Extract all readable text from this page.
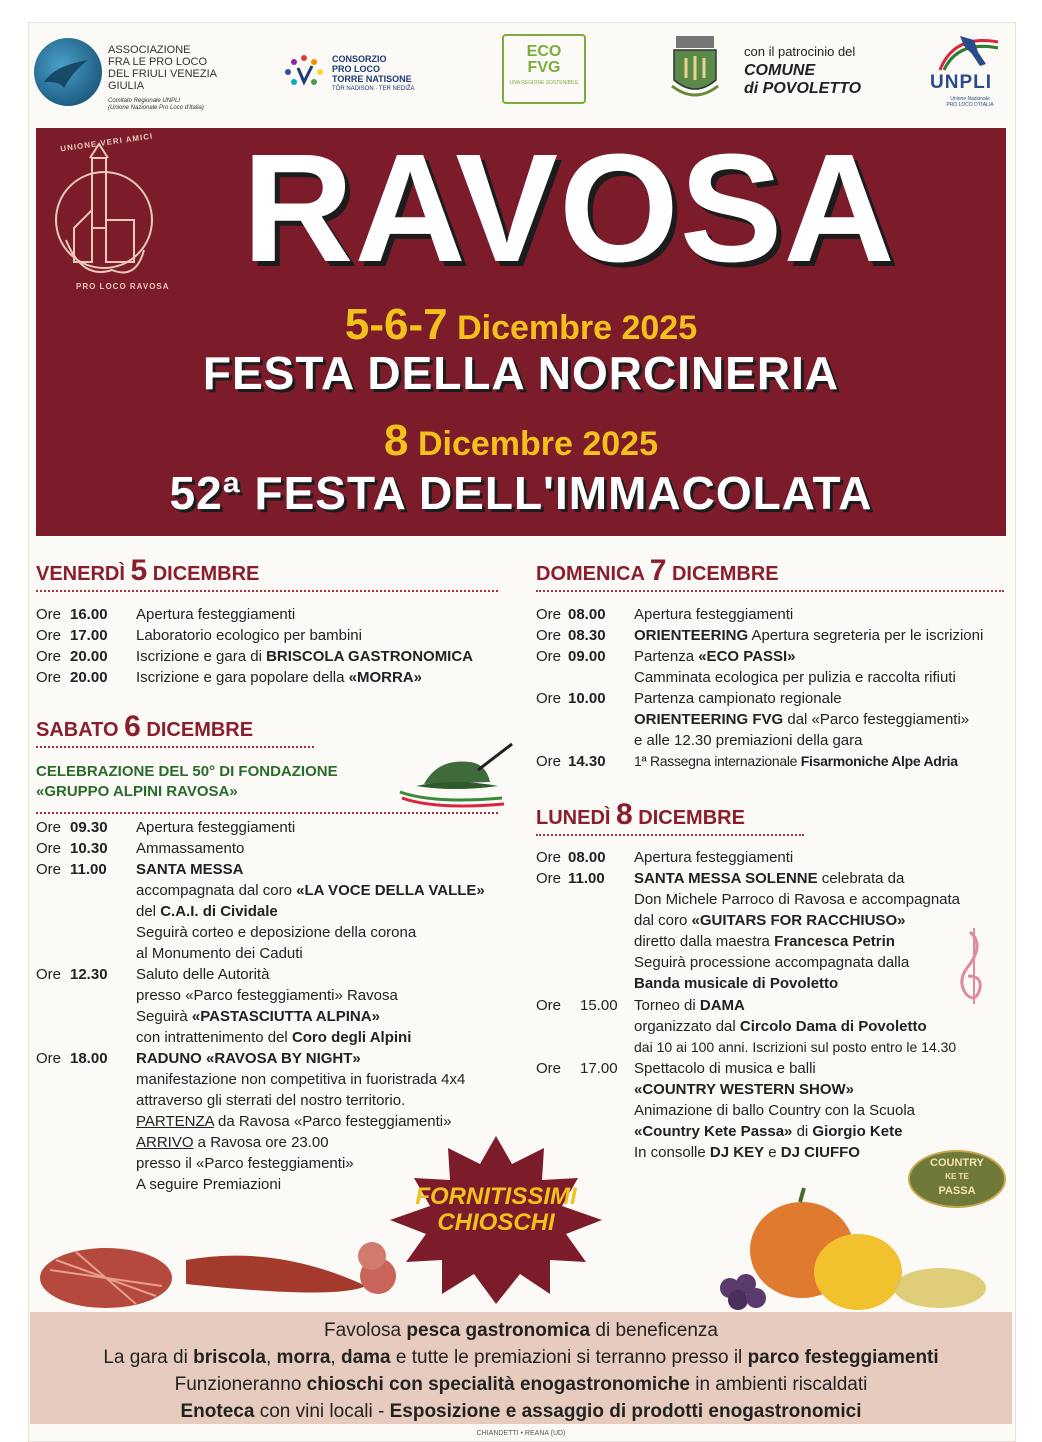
ASSOCIAZIONE
FRA LE PRO LOCO
DEL FRIULI VENEZIA
GIULIA
Comitato Regionale UNPLI
(Unione Nazionale Pro Loco d'Italia)
CONSORZIO
PRO LOCO
TORRE NATISONE
TÔR NADISON · TER NEDIŽA
ECO
FVG
UNA REGIONE SOSTENIBILE
con il patrocinio del
COMUNE
di POVOLETTO	UNPLI
Unione Nazionale
PRO LOCO D'ITALIA
UNIONE VERI AMICI
PRO LOCO RAVOSA RAVOSA
5-6-7 Dicembre 2025
FESTA DELLA NORCINERIA
8 Dicembre 2025
52ª FESTA DELL'IMMACOLATA
VENERDÌ 5 DICEMBRE
Ore 16.00 Apertura festeggiamenti
Ore 17.00 Laboratorio ecologico per bambini
Ore 20.00 Iscrizione e gara di BRISCOLA GASTRONOMICA
Ore 20.00 Iscrizione e gara popolare della «MORRA»
SABATO 6 DICEMBRE
CELEBRAZIONE DEL 50° DI FONDAZIONE
«GRUPPO ALPINI RAVOSA»
Ore 09.30 Apertura festeggiamenti
Ore 10.30 Ammassamento
Ore 11.00 SANTA MESSA
accompagnata dal coro «LA VOCE DELLA VALLE»
del C.A.I. di Cividale
Seguirà corteo e deposizione della corona
al Monumento dei Caduti
Ore 12.30 Saluto delle Autorità
presso «Parco festeggiamenti» Ravosa
Seguirà «PASTASCIUTTA ALPINA»
con intrattenimento del Coro degli Alpini
Ore 18.00 RADUNO «RAVOSA BY NIGHT»
manifestazione non competitiva in fuoristrada 4x4
attraverso gli sterrati del nostro territorio.
PARTENZA da Ravosa «Parco festeggiamenti»
ARRIVO a Ravosa ore 23.00
presso il «Parco festeggiamenti»
A seguire Premiazioni
DOMENICA 7 DICEMBRE
Ore 08.00 Apertura festeggiamenti
Ore 08.30 ORIENTEERING Apertura segreteria per le iscrizioni
Ore 09.00 Partenza «ECO PASSI»
Camminata ecologica per pulizia e raccolta rifiuti
Ore 10.00 Partenza campionato regionale
ORIENTEERING FVG dal «Parco festeggiamenti»
e alle 12.30 premiazioni della gara
Ore 14.30 1ª Rassegna internazionale Fisarmoniche Alpe Adria
LUNEDÌ 8 DICEMBRE
Ore 08.00 Apertura festeggiamenti
Ore 11.00 SANTA MESSA SOLENNE celebrata da
Don Michele Parroco di Ravosa e accompagnata
dal coro «GUITARS FOR RACCHIUSO»
diretto dalla maestra Francesca Petrin
Seguirà processione accompagnata dalla
Banda musicale di Povoletto
Ore	15.00 Torneo di DAMA
organizzato dal Circolo Dama di Povoletto
dai 10 ai 100 anni. Iscrizioni sul posto entro le 14.30
Ore	17.00 Spettacolo di musica e balli
«COUNTRY WESTERN SHOW»
Animazione di ballo Country con la Scuola
«Country Kete Passa» di Giorgio Kete
In consolle DJ KEY e DJ CIUFFO
COUNTRY
KE TE
PASSA
FORNITISSIMI
CHIOSCHI
Favolosa pesca gastronomica di beneficenza
La gara di briscola, morra, dama e tutte le premiazioni si terranno presso il parco festeggiamenti
Funzioneranno chioschi con specialità enogastronomiche in ambienti riscaldati
Enoteca con vini locali - Esposizione e assaggio di prodotti enogastronomici
CHIANDETTI • REANA (UD)
